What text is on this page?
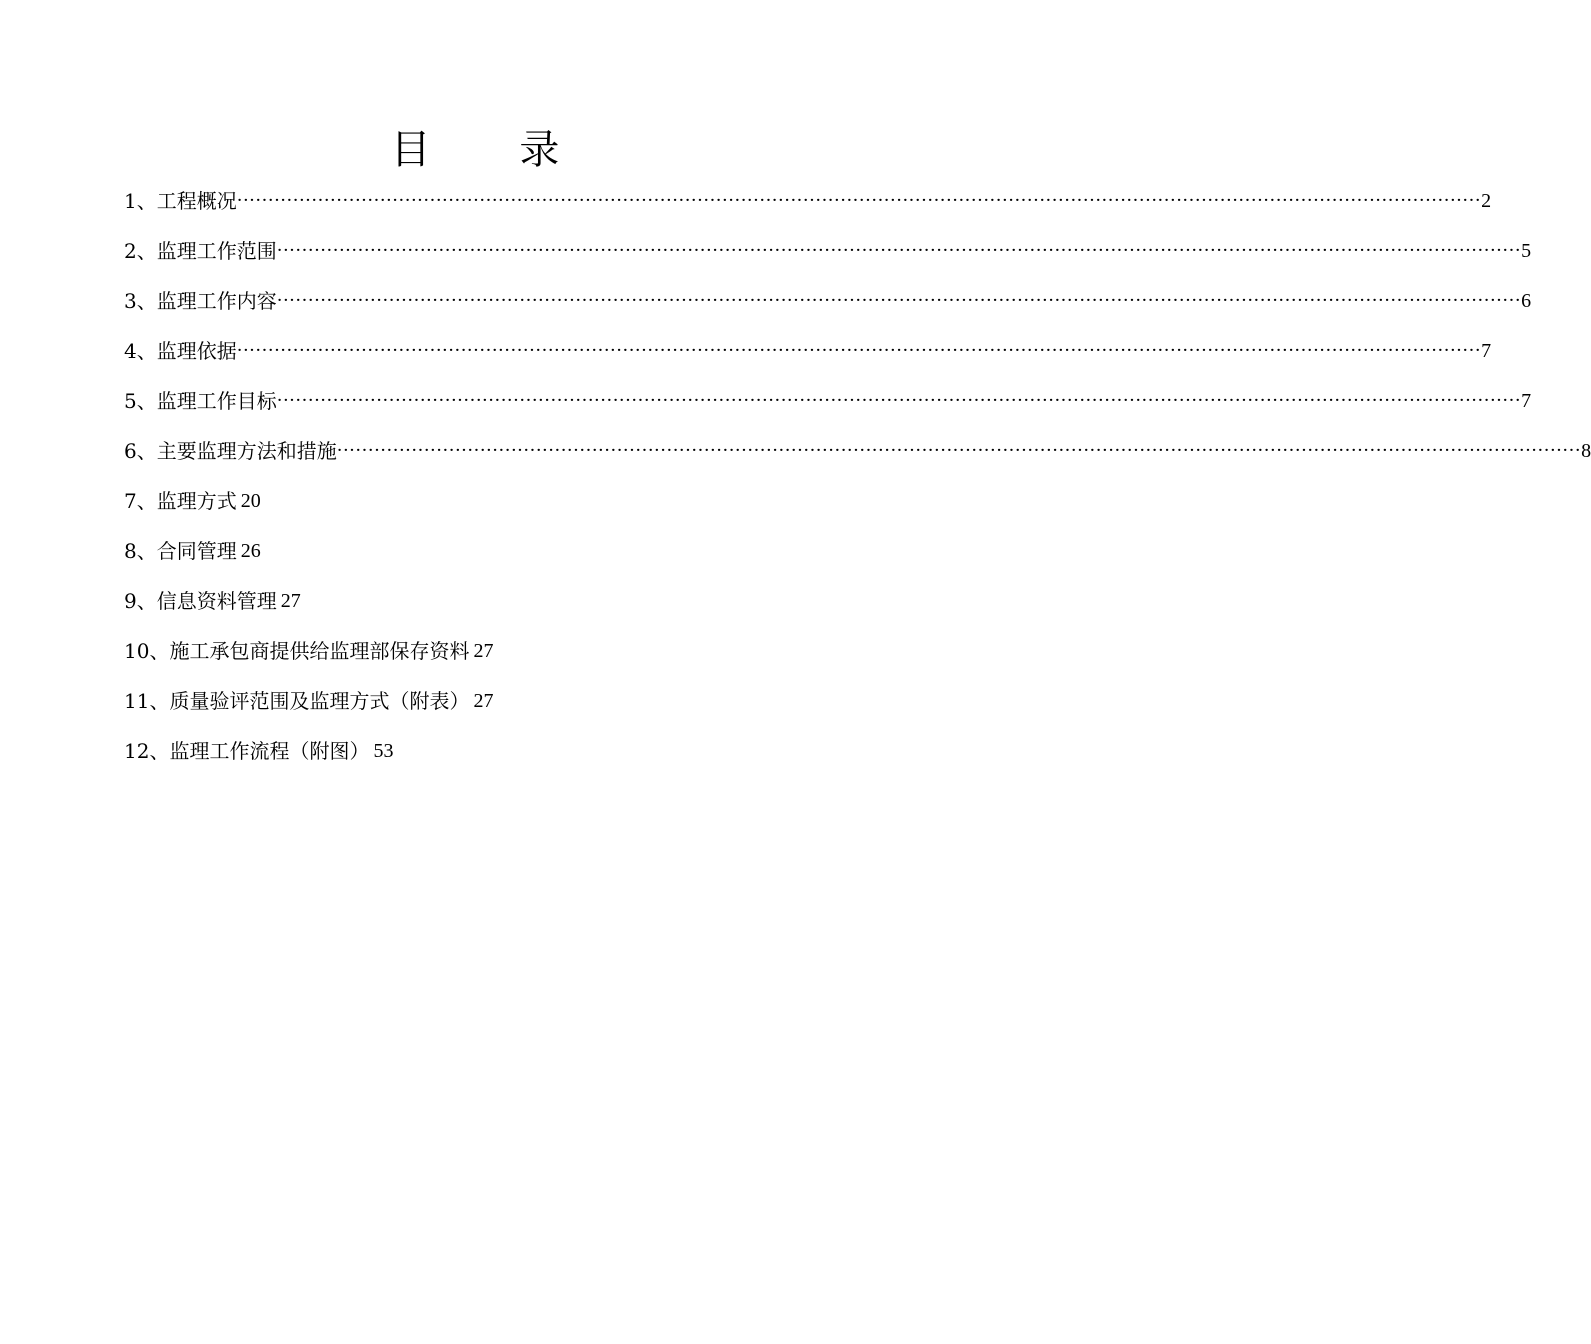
目 录
1、工程概况 ········································································································································································································ 2
2、监理工作范围 ········································································································································································································ 5
3、监理工作内容 ········································································································································································································ 6
4、监理依据 ········································································································································································································ 7
5、监理工作目标 ········································································································································································································ 7
6、主要监理方法和措施 ········································································································································································································ 8
7、监理方式 20
8、合同管理 26
9、信息资料管理 27
10、施工承包商提供给监理部保存资料 27
11、质量验评范围及监理方式（附表） 27
12、监理工作流程（附图） 53
